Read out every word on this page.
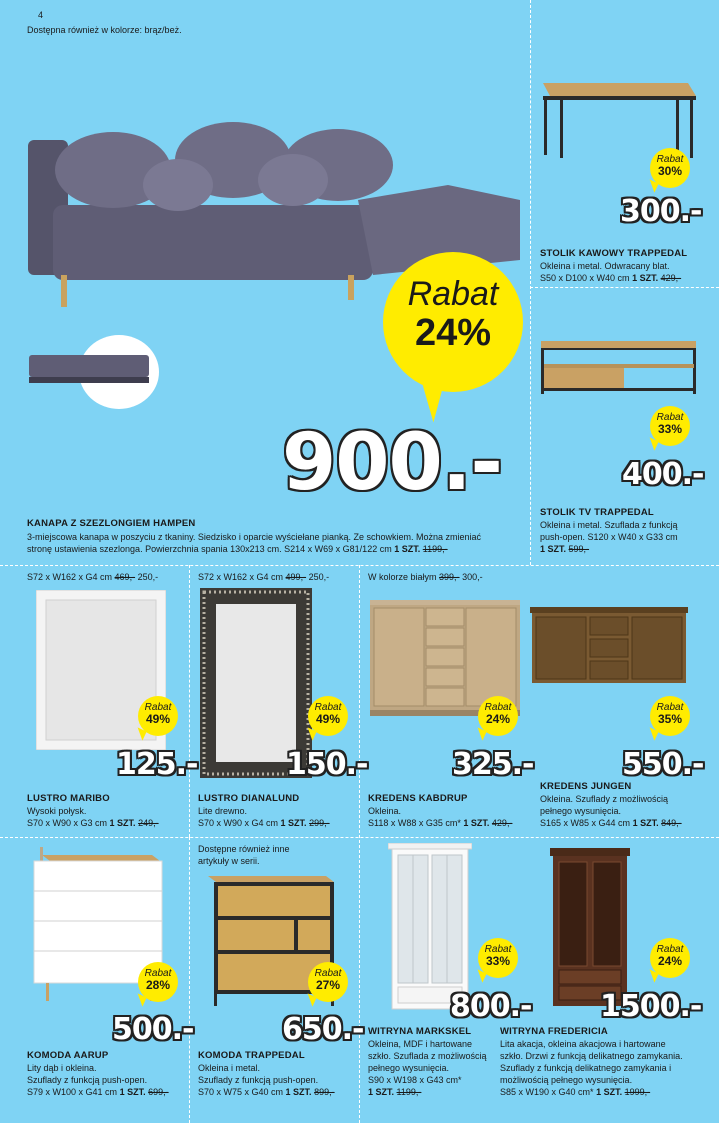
4
Dostępna również w kolorze: brąz/beż.
Rabat
24%
900.-
KANAPA Z SZEZLONGIEM HAMPEN
3-miejscowa kanapa w poszyciu z tkaniny. Siedzisko i oparcie wyściełane pianką. Ze schowkiem. Można zmieniać
stronę ustawienia szezlonga. Powierzchnia spania 130x213 cm. S214 x W69 x G81/122 cm 1 SZT. 1199,-
Rabat
30%
300.-
STOLIK KAWOWY TRAPPEDAL
Okleina i metal. Odwracany blat.
S50 x D100 x W40 cm 1 SZT. 429,-
Rabat
33%
400.-
STOLIK TV TRAPPEDAL
Okleina i metal. Szuflada z funkcją
push-open. S120 x W40 x G33 cm
1 SZT. 599,-
S72 x W162 x G4 cm 469,- 250,-
Rabat
49%
125.-
LUSTRO MARIBO
Wysoki połysk.
S70 x W90 x G3 cm 1 SZT. 249,-
S72 x W162 x G4 cm 499,- 250,-
Rabat
49%
150.-
LUSTRO DIANALUND
Lite drewno.
S70 x W90 x G4 cm 1 SZT. 299,-
W kolorze białym 399,- 300,-
Rabat
24%
325.-
KREDENS KABDRUP
Okleina.
S118 x W88 x G35 cm* 1 SZT. 429,-
Rabat
35%
550.-
KREDENS JUNGEN
Okleina. Szuflady z możliwością
pełnego wysunięcia.
S165 x W85 x G44 cm 1 SZT. 849,-
Rabat
28%
500.-
KOMODA AARUP
Lity dąb i okleina.
Szuflady z funkcją push-open.
S79 x W100 x G41 cm 1 SZT. 699,-
Dostępne również inne
artykuły w serii.
Rabat
27%
650.-
KOMODA TRAPPEDAL
Okleina i metal.
Szuflady z funkcją push-open.
S70 x W75 x G40 cm 1 SZT. 899,-
Rabat
33%
800.-
WITRYNA MARKSKEL
Okleina, MDF i hartowane
szkło. Szuflada z możliwością
pełnego wysunięcia.
S90 x W198 x G43 cm*
1 SZT. 1199,-
Rabat
24%
1500.-
WITRYNA FREDERICIA
Lita akacja, okleina akacjowa i hartowane
szkło. Drzwi z funkcją delikatnego zamykania.
Szuflady z funkcją delikatnego zamykania i
możliwością pełnego wysunięcia.
S85 x W190 x G40 cm* 1 SZT. 1999,-
